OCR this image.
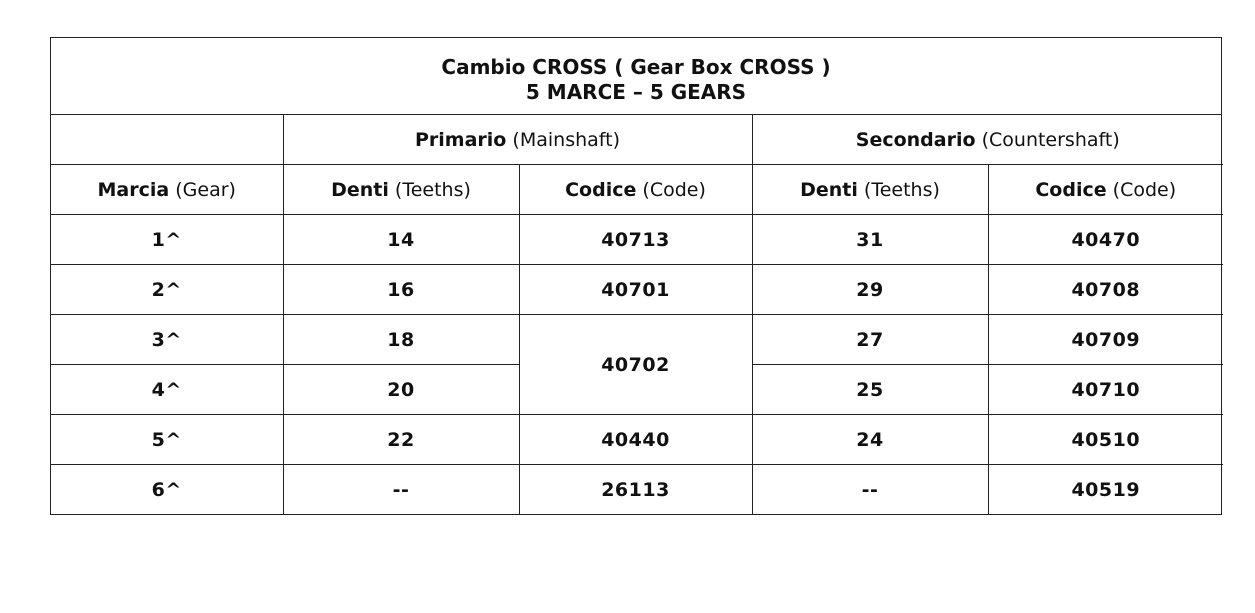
Cambio CROSS ( Gear Box CROSS )
5 MARCE – 5 GEARS
	Primario (Mainshaft)		Secondario (Countershaft)	
Marcia (Gear)	Denti (Teeths)	Codice (Code)	Denti (Teeths)	Codice (Code)
1^	14	40713	31	40470
2^	16	40701	29	40708
3^	18	40702	27	40709
4^	20		25	40710
5^	22	40440	24	40510
6^	--	26113	--	40519
